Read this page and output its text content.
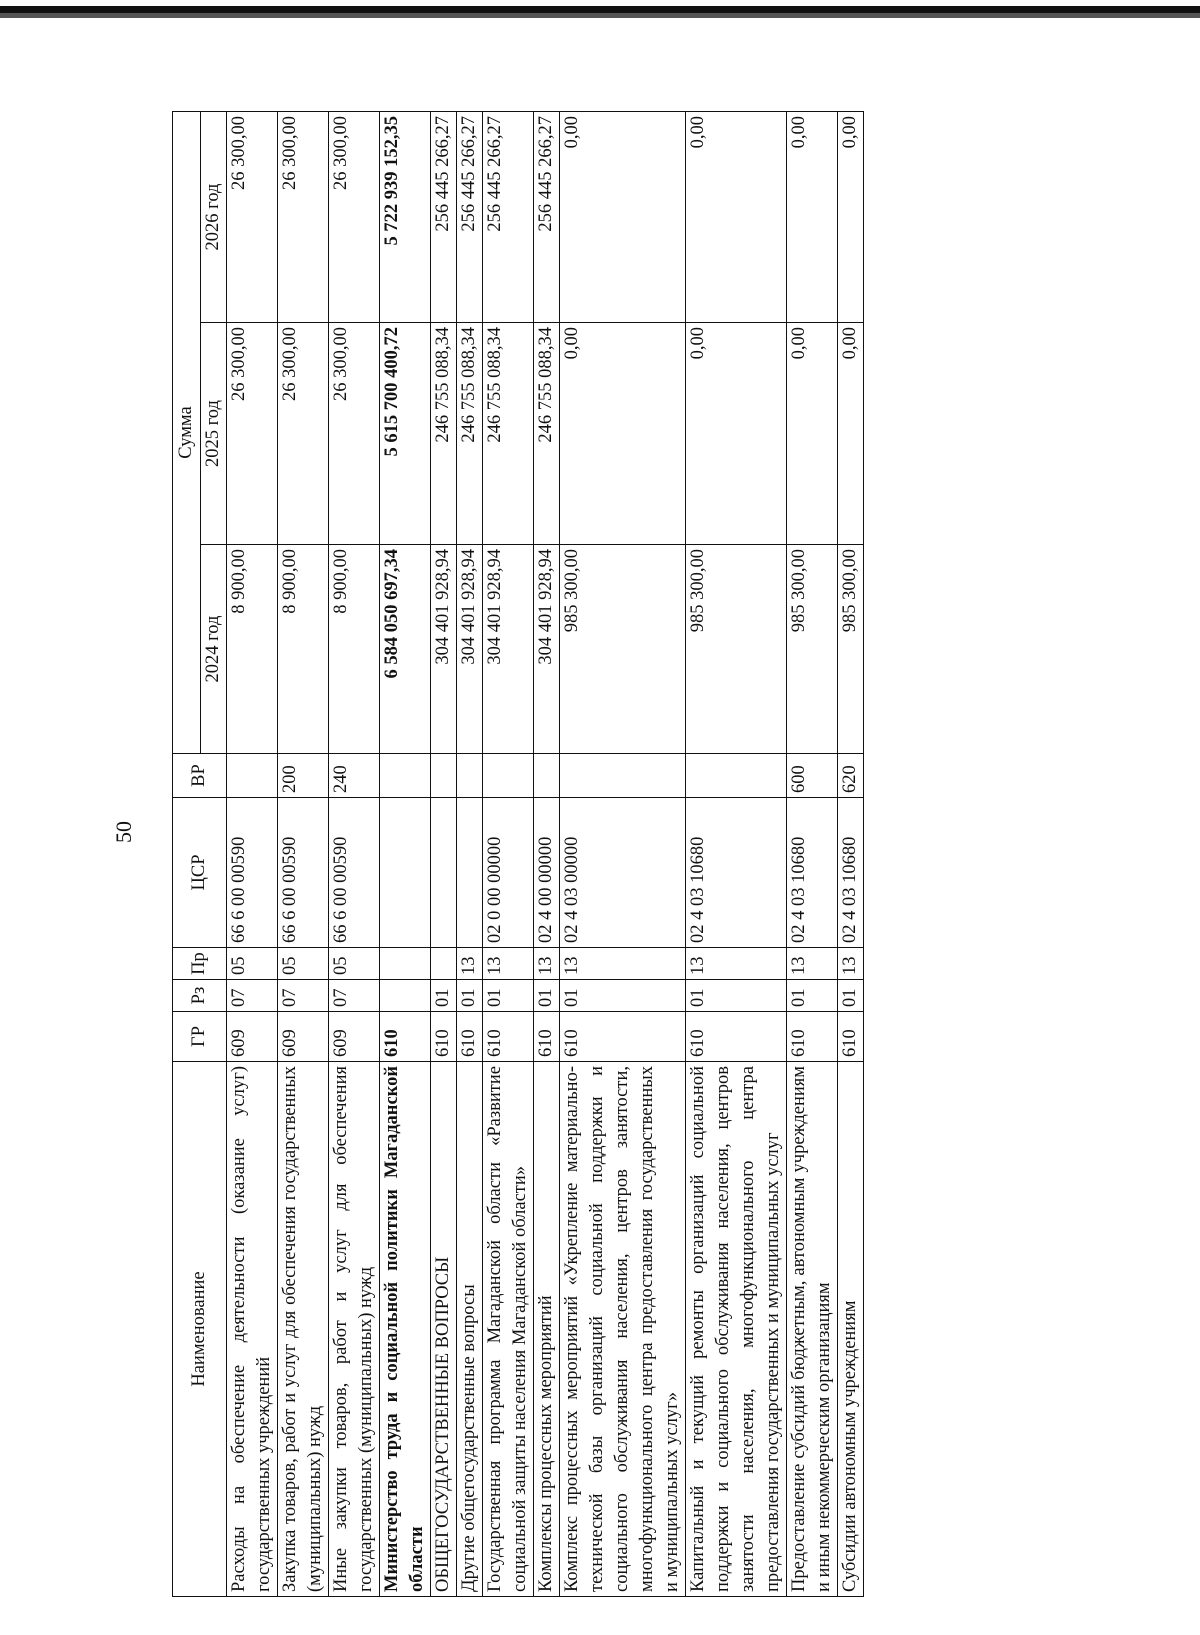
50
Наименование	ГР	Рз	Пр	ЦСР	ВР	Сумма		
						2024 год	2025 год	2026 год
Расходы на обеспечение деятельности (оказание услуг) государственных учреждений	609	07	05	66 6 00 00590		8 900,00	26 300,00	26 300,00
Закупка товаров, работ и услуг для обеспечения государственных (муниципальных) нужд	609	07	05	66 6 00 00590	200	8 900,00	26 300,00	26 300,00
Иные закупки товаров, работ и услуг для обеспечения государственных (муниципальных) нужд	609	07	05	66 6 00 00590	240	8 900,00	26 300,00	26 300,00
Министерство труда и социальной политики Магаданской области	610					6 584 050 697,34	5 615 700 400,72	5 722 939 152,35
ОБЩЕГОСУДАРСТВЕННЫЕ ВОПРОСЫ	610	01				304 401 928,94	246 755 088,34	256 445 266,27
Другие общегосударственные вопросы	610	01	13			304 401 928,94	246 755 088,34	256 445 266,27
Государственная программа Магаданской области «Развитие социальной защиты населения Магаданской области»	610	01	13	02 0 00 00000		304 401 928,94	246 755 088,34	256 445 266,27
Комплексы процессных мероприятий	610	01	13	02 4 00 00000		304 401 928,94	246 755 088,34	256 445 266,27
Комплекс процессных мероприятий «Укрепление материально-технической базы организаций социальной поддержки и социального обслуживания населения, центров занятости, многофункционального центра предоставления государственных и муниципальных услуг»	610	01	13	02 4 03 00000		985 300,00	0,00	0,00
Капитальный и текущий ремонты организаций социальной поддержки и социального обслуживания населения, центров занятости населения, многофункционального центра предоставления государственных и муниципальных услуг	610	01	13	02 4 03 10680		985 300,00	0,00	0,00
Предоставление субсидий бюджетным, автономным учреждениям и иным некоммерческим организациям	610	01	13	02 4 03 10680	600	985 300,00	0,00	0,00
Субсидии автономным учреждениям	610	01	13	02 4 03 10680	620	985 300,00	0,00	0,00
